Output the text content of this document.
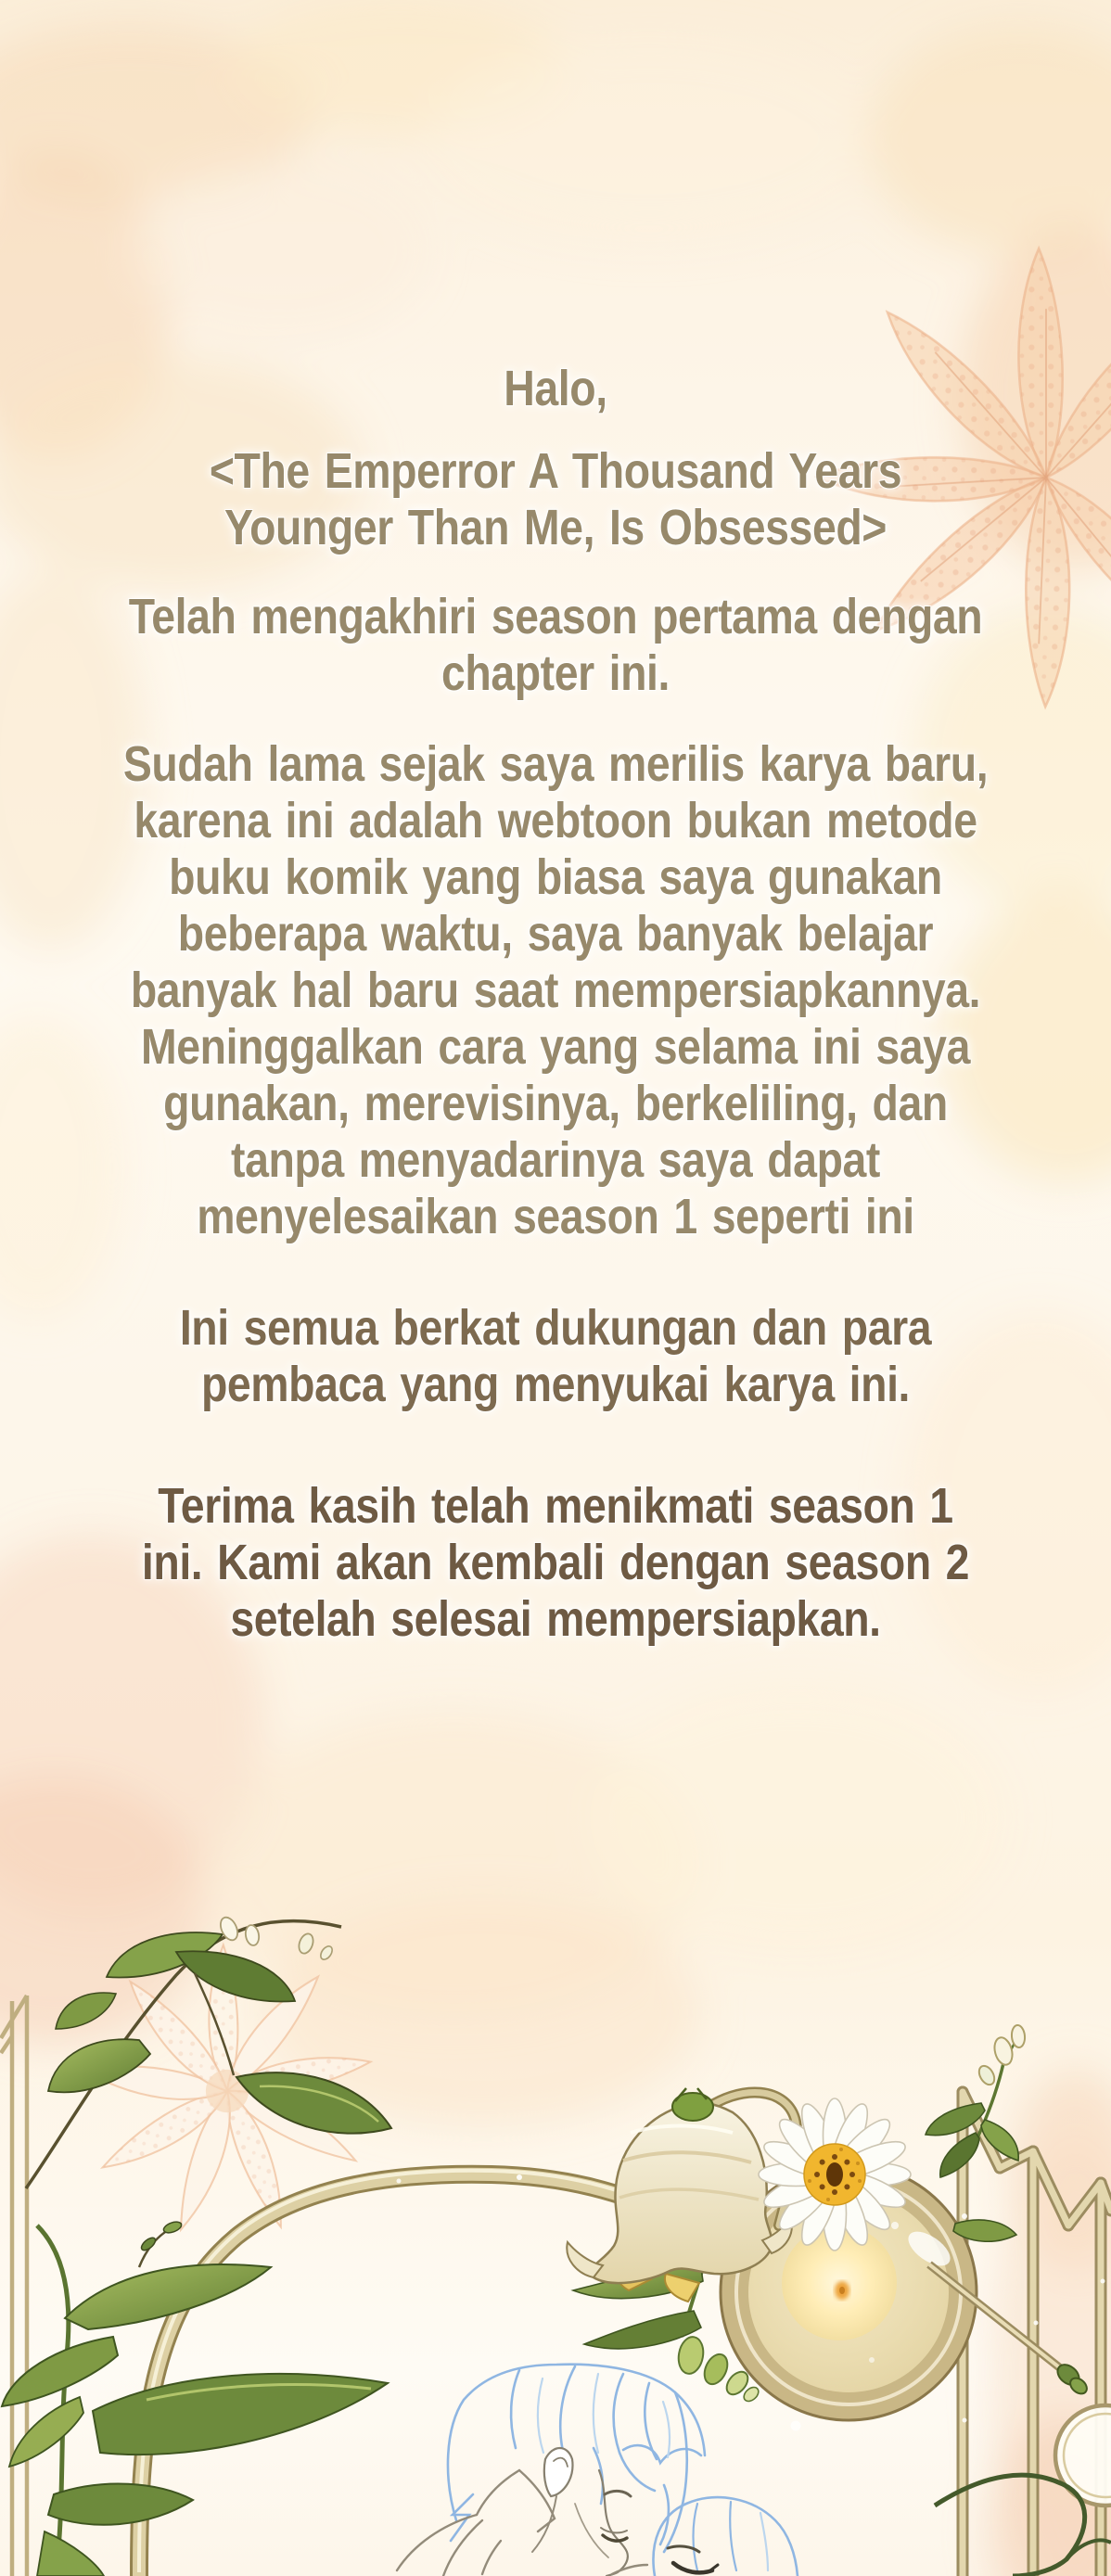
Halo,
<The Emperror A Thousand Years
Younger Than Me, Is Obsessed>
Telah mengakhiri season pertama dengan
chapter ini.
Sudah lama sejak saya merilis karya baru,
karena ini adalah webtoon bukan metode
buku komik yang biasa saya gunakan
beberapa waktu, saya banyak belajar
banyak hal baru saat mempersiapkannya.
Meninggalkan cara yang selama ini saya
gunakan, merevisinya, berkeliling, dan
tanpa menyadarinya saya dapat
menyelesaikan season 1 seperti ini
Ini semua berkat dukungan dan para
pembaca yang menyukai karya ini.
Terima kasih telah menikmati season 1
ini. Kami akan kembali dengan season 2
setelah selesai mempersiapkan.
